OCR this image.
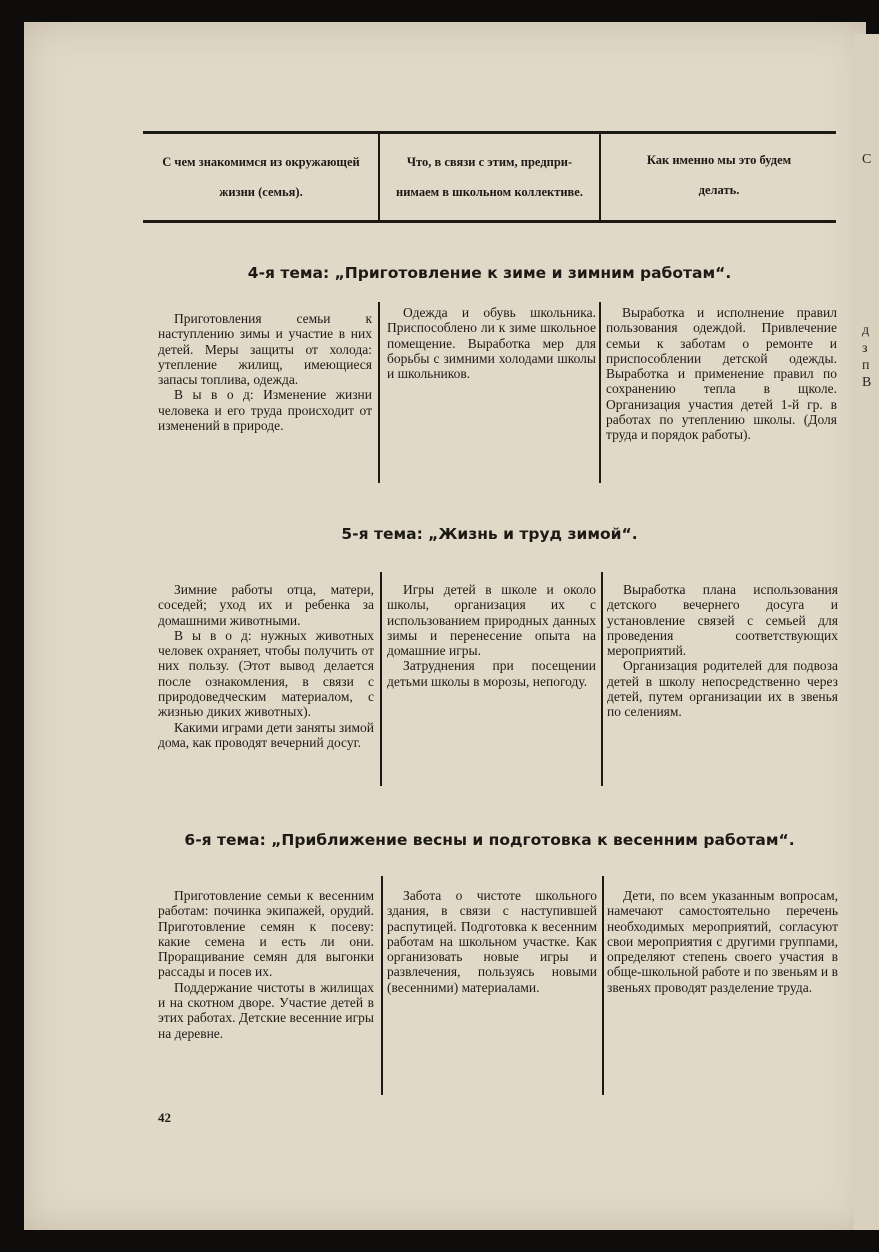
С
д
з
п
В
С чем знакомимся из окружающей
жизни (семья).
Что, в связи с этим, предпри-
нимаем в школьном коллективе.
Как именно мы это будем
делать.
4-я тема: „Приготовление к зиме и зимним работам“.

Приготовления семьи к наступлению зимы и участие в них детей. Меры защиты от холода: утепление жилищ, имеющиеся запасы топлива, одежда.

В ы в о д: Изменение жизни человека и его труда происходит от изменений в природе.

Одежда и обувь школьника. Приспособлено ли к зиме школьное помещение. Выработка мер для борьбы с зимними холодами школы и школьников.

Выработка и исполнение правил пользования одеждой. Привлечение семьи к заботам о ремонте и приспособлении детской одежды. Выработка и применение правил по сохранению тепла в щколе. Организация участия детей 1-й гр. в работах по утеплению школы. (Доля труда и порядок работы).

5-я тема: „Жизнь и труд зимой“.

Зимние работы отца, матери, соседей; уход их и ребенка за домашними животными.

В ы в о д: нужных животных человек охраняет, чтобы получить от них пользу. (Этот вывод делается после ознакомления, в связи с природоведческим материалом, с жизнью диких животных).

Какими играми дети заняты зимой дома, как проводят вечерний досуг.

Игры детей в школе и около школы, организация их с использованием природных данных зимы и перенесение опыта на домашние игры.

Затруднения при посещении детьми школы в морозы, непогоду.

Выработка плана использования детского вечернего досуга и установление связей с семьей для проведения соответствующих мероприятий.

Организация родителей для подвоза детей в школу непосредственно через детей, путем организации их в звенья по селениям.

6-я тема: „Приближение весны и подготовка к весенним работам“.

Приготовление семьи к весенним работам: починка экипажей, орудий. Приготовление семян к посеву: какие семена и есть ли они. Проращивание семян для выгонки рассады и посев их.

Поддержание чистоты в жилищах и на скотном дворе. Участие детей в этих работах. Детские весенние игры на деревне.

Забота о чистоте школьного здания, в связи с наступившей распутицей. Подготовка к весенним работам на школьном участке. Как организовать новые игры и развлечения, пользуясь новыми (весенними) материалами.

Дети, по всем указанным вопросам, намечают самостоятельно перечень необходимых мероприятий, согласуют свои мероприятия с другими группами, определяют степень своего участия в обще-школьной работе и по звеньям и в звеньях проводят разделение труда.

42
